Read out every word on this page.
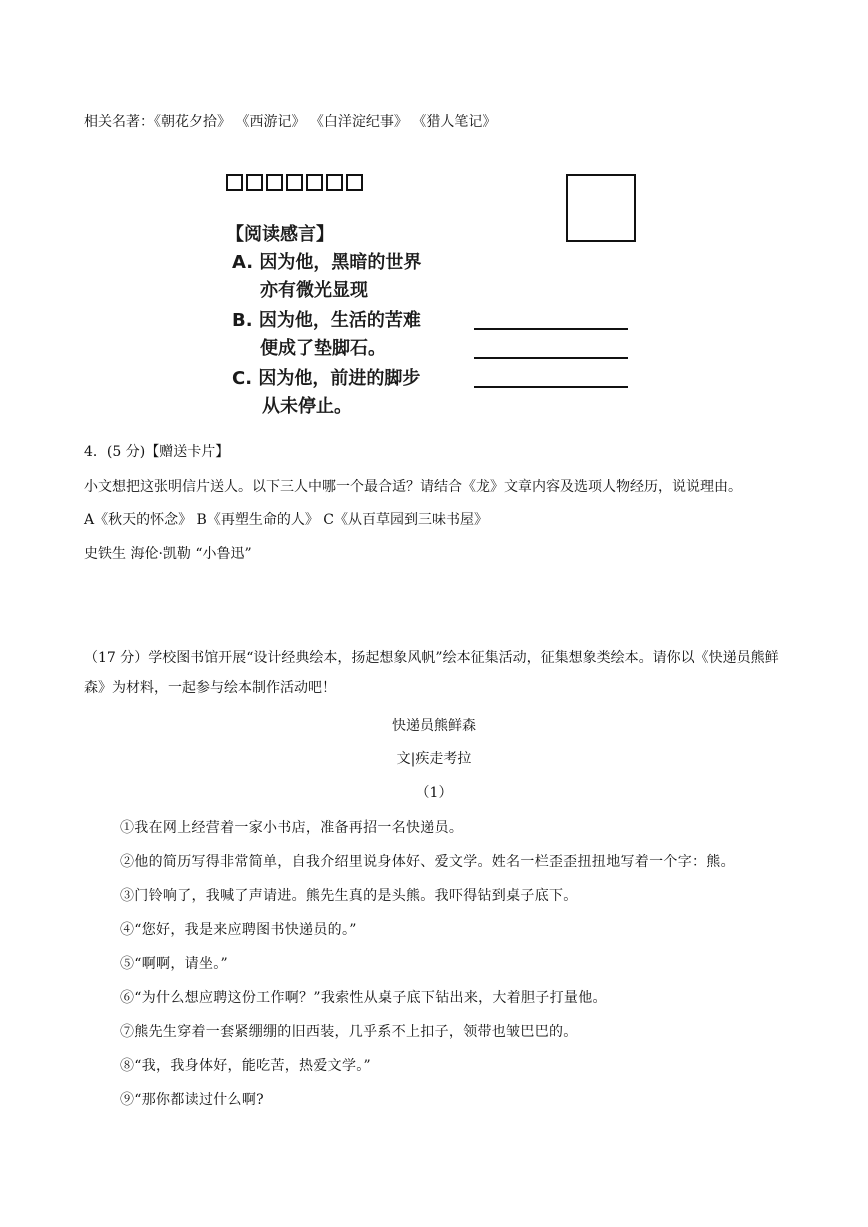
相关名著：《朝花夕拾》 《西游记》 《白洋淀纪事》 《猎人笔记》
【阅读感言】
A. 因为他，黑暗的世界
亦有微光显现
B. 因为他，生活的苦难
便成了垫脚石。
C. 因为他，前进的脚步
从未停止。
4．(5 分)【赠送卡片】
小文想把这张明信片送人。以下三人中哪一个最合适？请结合《龙》文章内容及选项人物经历，说说理由。
A《秋天的怀念》 B《再塑生命的人》 C《从百草园到三味书屋》
史铁生 海伦·凯勒 “小鲁迅”
（17 分）学校图书馆开展“设计经典绘本，扬起想象风帆”绘本征集活动，征集想象类绘本。请你以《快递员熊鲜森》为材料，一起参与绘本制作活动吧！
快递员熊鲜森
文|疾走考拉
（1）
①我在网上经营着一家小书店，准备再招一名快递员。
②他的简历写得非常简单，自我介绍里说身体好、爱文学。姓名一栏歪歪扭扭地写着一个字：熊。
③门铃响了，我喊了声请进。熊先生真的是头熊。我吓得钻到桌子底下。
④“您好，我是来应聘图书快递员的。”
⑤“啊啊，请坐。”
⑥“为什么想应聘这份工作啊？”我索性从桌子底下钻出来，大着胆子打量他。
⑦熊先生穿着一套紧绷绷的旧西装，几乎系不上扣子，领带也皱巴巴的。
⑧“我，我身体好，能吃苦，热爱文学。”
⑨“那你都读过什么啊?
